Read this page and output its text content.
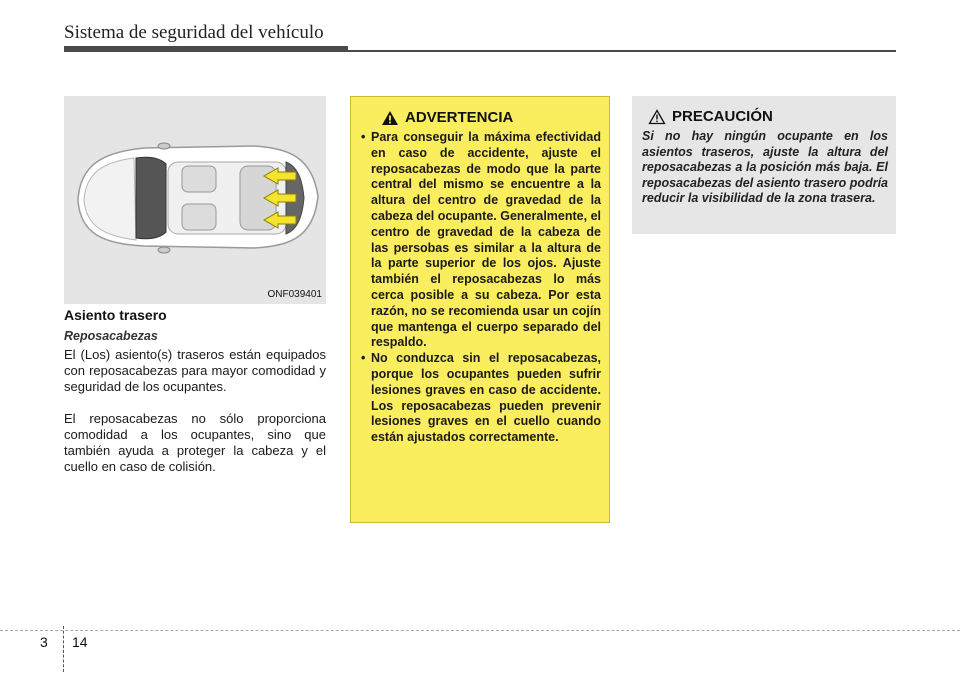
Sistema de seguridad del vehículo
ONF039401
Asiento trasero
Reposacabezas
El (Los) asiento(s) traseros están equipados con reposacabezas para mayor comodidad y seguridad de los ocupantes.
El reposacabezas no sólo proporciona comodidad a los ocupantes, sino que también ayuda a proteger la cabeza y el cuello en caso de colisión.
ADVERTENCIA
• Para conseguir la máxima efectividad en caso de accidente, ajuste el reposacabezas de modo que la parte central del mismo se encuentre a la altura del centro de gravedad de la cabeza del ocupante. Generalmente, el centro de gravedad de la cabeza de las persobas es similar a la altura de la parte superior de los ojos. Ajuste también el reposacabezas lo más cerca posible a su cabeza. Por esta razón, no se recomienda usar un cojín que mantenga el cuerpo separado del respaldo.
• No conduzca sin el reposacabezas, porque los ocupantes pueden sufrir lesiones graves en caso de accidente. Los reposacabezas pueden prevenir lesiones graves en el cuello cuando están ajustados correctamente.
PRECAUCIÓN
Si no hay ningún ocupante en los asientos traseros, ajuste la altura del reposacabezas a la posición más baja. El reposacabezas del asiento trasero podría reducir la visibilidad de la zona trasera.
3 14
